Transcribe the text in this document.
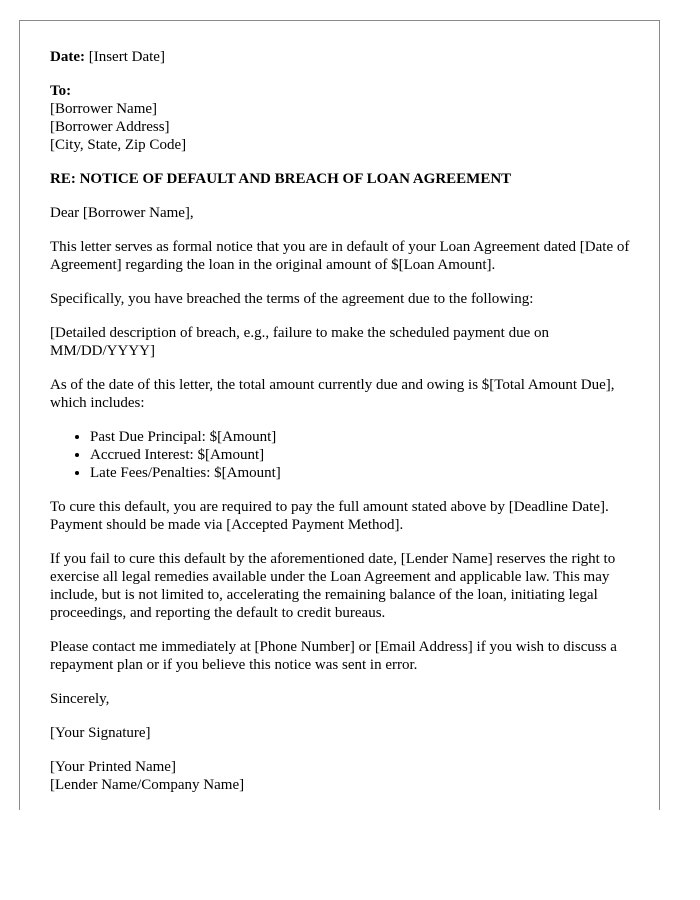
Date: [Insert Date]

To:
[Borrower Name]
[Borrower Address]
[City, State, Zip Code]

RE: NOTICE OF DEFAULT AND BREACH OF LOAN AGREEMENT

Dear [Borrower Name],

This letter serves as formal notice that you are in default of your Loan Agreement dated [Date of Agreement] regarding the loan in the original amount of $[Loan Amount].

Specifically, you have breached the terms of the agreement due to the following:

[Detailed description of breach, e.g., failure to make the scheduled payment due on MM/DD/YYYY]

As of the date of this letter, the total amount currently due and owing is $[Total Amount Due], which includes:

• Past Due Principal: $[Amount]
• Accrued Interest: $[Amount]
• Late Fees/Penalties: $[Amount]

To cure this default, you are required to pay the full amount stated above by [Deadline Date]. Payment should be made via [Accepted Payment Method].

If you fail to cure this default by the aforementioned date, [Lender Name] reserves the right to exercise all legal remedies available under the Loan Agreement and applicable law. This may include, but is not limited to, accelerating the remaining balance of the loan, initiating legal proceedings, and reporting the default to credit bureaus.

Please contact me immediately at [Phone Number] or [Email Address] if you wish to discuss a repayment plan or if you believe this notice was sent in error.

Sincerely,

[Your Signature]

[Your Printed Name]
[Lender Name/Company Name]
